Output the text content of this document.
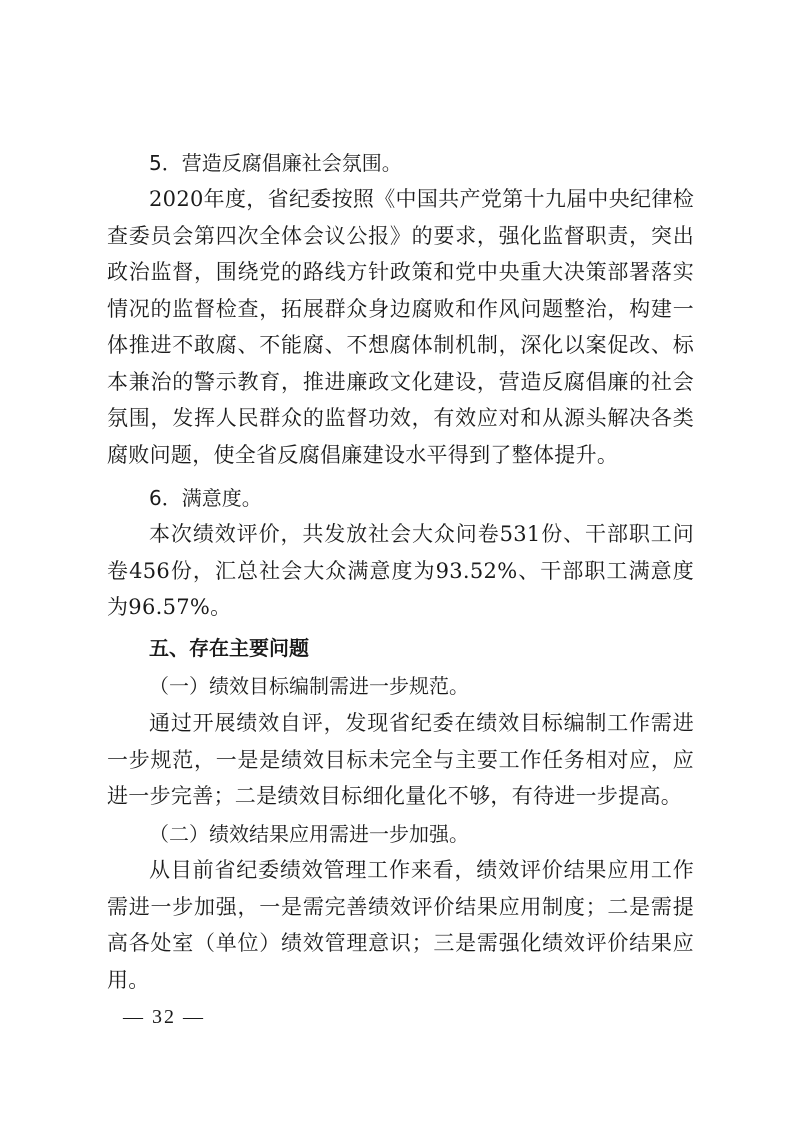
5．营造反腐倡廉社会氛围。
2020年度，省纪委按照《中国共产党第十九届中央纪律检查委员会第四次全体会议公报》的要求，强化监督职责，突出政治监督，围绕党的路线方针政策和党中央重大决策部署落实情况的监督检查，拓展群众身边腐败和作风问题整治，构建一体推进不敢腐、不能腐、不想腐体制机制，深化以案促改、标本兼治的警示教育，推进廉政文化建设，营造反腐倡廉的社会氛围，发挥人民群众的监督功效，有效应对和从源头解决各类腐败问题，使全省反腐倡廉建设水平得到了整体提升。
6．满意度。
本次绩效评价，共发放社会大众问卷531份、干部职工问卷456份，汇总社会大众满意度为93.52%、干部职工满意度为96.57%。
五、存在主要问题
（一）绩效目标编制需进一步规范。
通过开展绩效自评，发现省纪委在绩效目标编制工作需进一步规范，一是是绩效目标未完全与主要工作任务相对应，应进一步完善；二是绩效目标细化量化不够，有待进一步提高。
（二）绩效结果应用需进一步加强。
从目前省纪委绩效管理工作来看，绩效评价结果应用工作需进一步加强，一是需完善绩效评价结果应用制度；二是需提高各处室（单位）绩效管理意识；三是需强化绩效评价结果应用。
— 32 —
